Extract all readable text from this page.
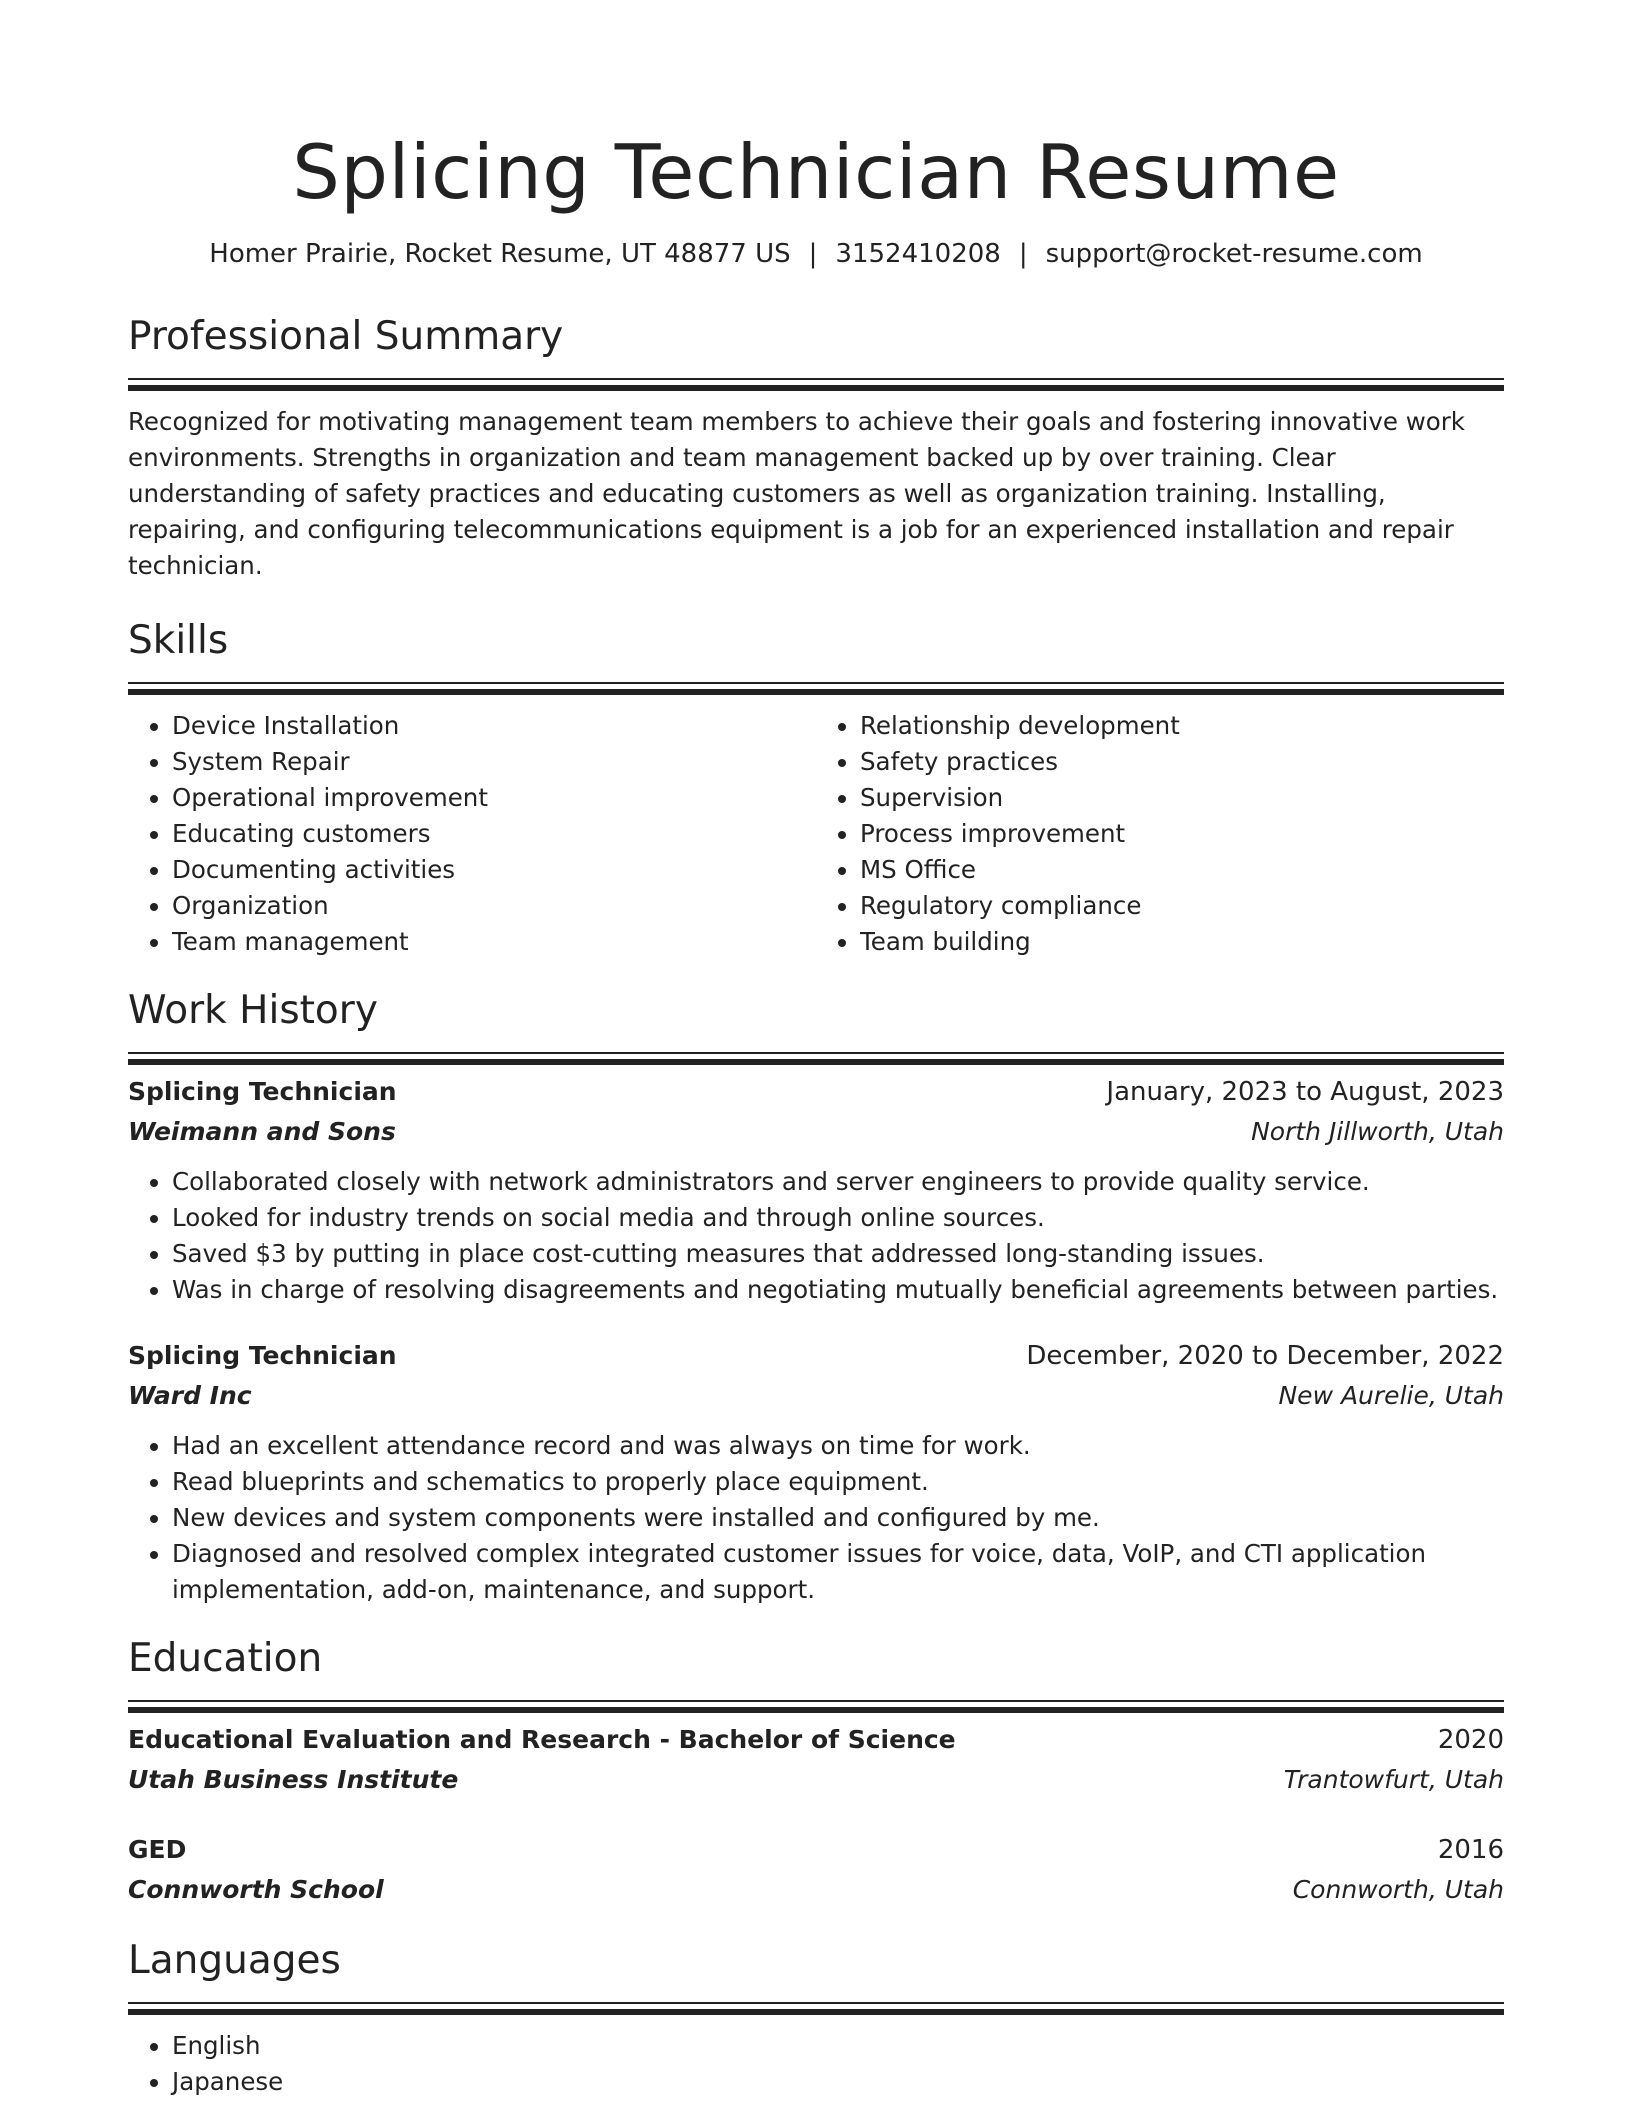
Splicing Technician Resume
Homer Prairie, Rocket Resume, UT 48877 US | 3152410208 | support@rocket-resume.com
Professional Summary

Recognized for motivating management team members to achieve their goals and fostering innovative work environments. Strengths in organization and team management backed up by over training. Clear understanding of safety practices and educating customers as well as organization training. Installing, repairing, and configuring telecommunications equipment is a job for an experienced installation and repair technician.

Skills
• Device Installation
• System Repair
• Operational improvement
• Educating customers
• Documenting activities
• Organization
• Team management
• Relationship development
• Safety practices
• Supervision
• Process improvement
• MS Office
• Regulatory compliance
• Team building
Work History
Splicing Technician	January, 2023 to August, 2023
Weimann and Sons	North Jillworth, Utah
• Collaborated closely with network administrators and server engineers to provide quality service.
• Looked for industry trends on social media and through online sources.
• Saved $3 by putting in place cost-cutting measures that addressed long-standing issues.
• Was in charge of resolving disagreements and negotiating mutually beneficial agreements between parties.
Splicing Technician	December, 2020 to December, 2022
Ward Inc	New Aurelie, Utah
• Had an excellent attendance record and was always on time for work.
• Read blueprints and schematics to properly place equipment.
• New devices and system components were installed and configured by me.
• Diagnosed and resolved complex integrated customer issues for voice, data, VoIP, and CTI application implementation, add-on, maintenance, and support.
Education
Educational Evaluation and Research - Bachelor of Science	2020
Utah Business Institute	Trantowfurt, Utah
GED	2016
Connworth School	Connworth, Utah
Languages
• English
• Japanese
